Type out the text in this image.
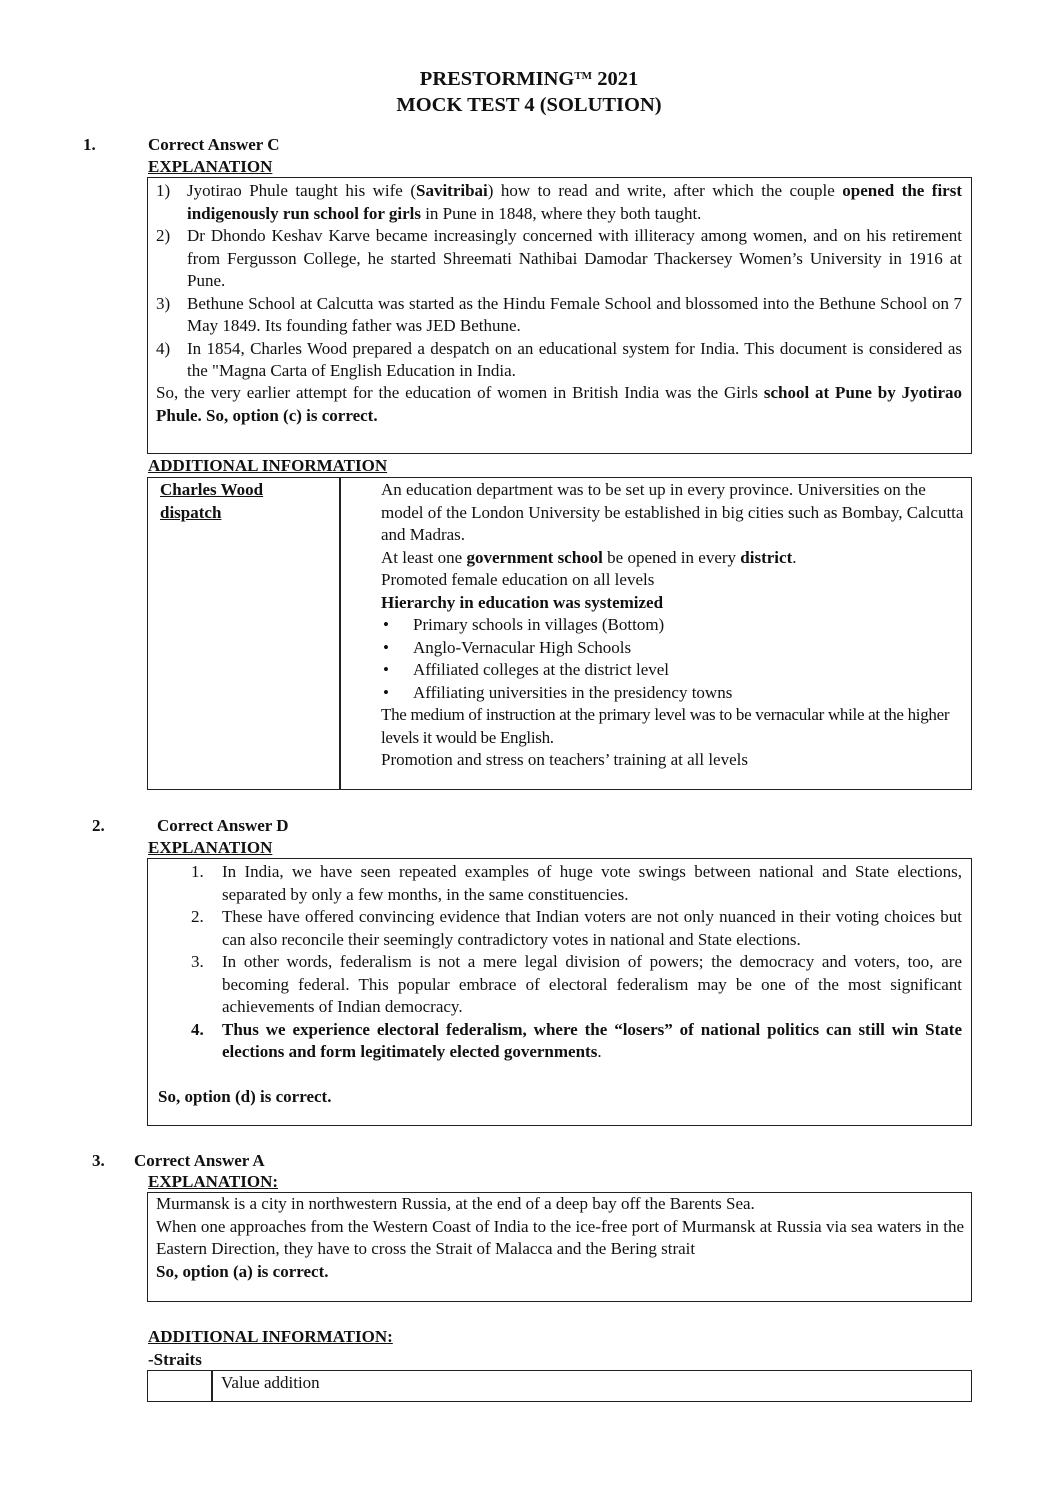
PRESTORMING™ 2021
MOCK TEST 4 (SOLUTION)
1.	Correct Answer C
EXPLANATION
1) Jyotirao Phule taught his wife (Savitribai) how to read and write, after which the couple opened the first indigenously run school for girls in Pune in 1848, where they both taught.
2) Dr Dhondo Keshav Karve became increasingly concerned with illiteracy among women, and on his retirement from Fergusson College, he started Shreemati Nathibai Damodar Thackersey Women’s University in 1916 at Pune.
3) Bethune School at Calcutta was started as the Hindu Female School and blossomed into the Bethune School on 7 May 1849. Its founding father was JED Bethune.
4) In 1854, Charles Wood prepared a despatch on an educational system for India. This document is considered as the "Magna Carta of English Education in India.
So, the very earlier attempt for the education of women in British India was the Girls school at Pune by Jyotirao Phule. So, option (c) is correct.
ADDITIONAL INFORMATION
Charles Wood dispatch
An education department was to be set up in every province. Universities on the model of the London University be established in big cities such as Bombay, Calcutta and Madras.
At least one government school be opened in every district.
Promoted female education on all levels
Hierarchy in education was systemized
• Primary schools in villages (Bottom)
• Anglo-Vernacular High Schools
• Affiliated colleges at the district level
• Affiliating universities in the presidency towns
The medium of instruction at the primary level was to be vernacular while at the higher levels it would be English.
Promotion and stress on teachers’ training at all levels
2.	Correct Answer D
EXPLANATION
1. In India, we have seen repeated examples of huge vote swings between national and State elections, separated by only a few months, in the same constituencies.
2. These have offered convincing evidence that Indian voters are not only nuanced in their voting choices but can also reconcile their seemingly contradictory votes in national and State elections.
3. In other words, federalism is not a mere legal division of powers; the democracy and voters, too, are becoming federal. This popular embrace of electoral federalism may be one of the most significant achievements of Indian democracy.
4. Thus we experience electoral federalism, where the “losers” of national politics can still win State elections and form legitimately elected governments.
So, option (d) is correct.
3. Correct Answer A
EXPLANATION:
Murmansk is a city in northwestern Russia, at the end of a deep bay off the Barents Sea.
When one approaches from the Western Coast of India to the ice-free port of Murmansk at Russia via sea waters in the Eastern Direction, they have to cross the Strait of Malacca and the Bering strait
So, option (a) is correct.
ADDITIONAL INFORMATION:
-Straits
Value addition
